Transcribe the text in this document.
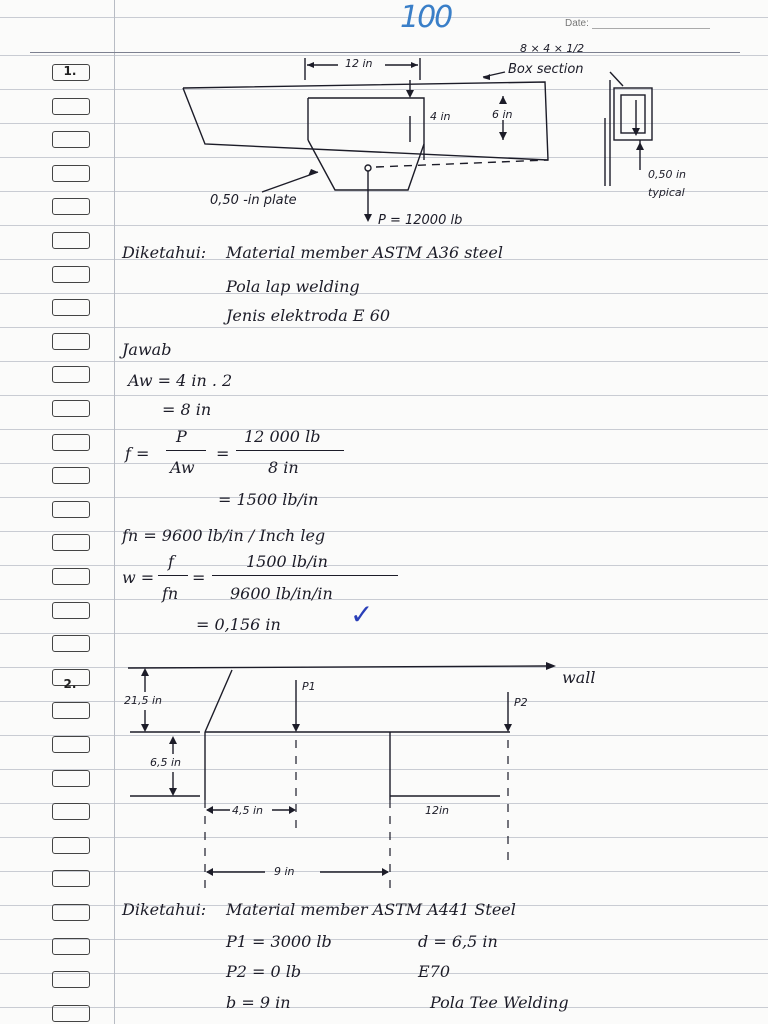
Date:
100
1.
2.
12 in
8 × 4 × 1/2
Box section
4 in	6 in
0,50 -in plate
P = 12000 lb
0,50 in
typical
Diketahui: Material member ASTM A36 steel
Pola lap welding
Jenis elektroda E 60
Jawab
Aw = 4 in . 2
= 8 in
f =
P
Aw
=
12 000 lb
8 in
= 1500 lb/in
fn = 9600 lb/in / Inch leg
w =
f
fn
=
1500 lb/in
9600 lb/in/in
= 0,156 in ✓
wall
P1
P2
21,5 in
6,5 in
4,5 in	12in
9 in
Diketahui: Material member ASTM A441 Steel
P1 = 3000 lb	d = 6,5 in
P2 = 0 lb	E70
b = 9 in	Pola Tee Welding
